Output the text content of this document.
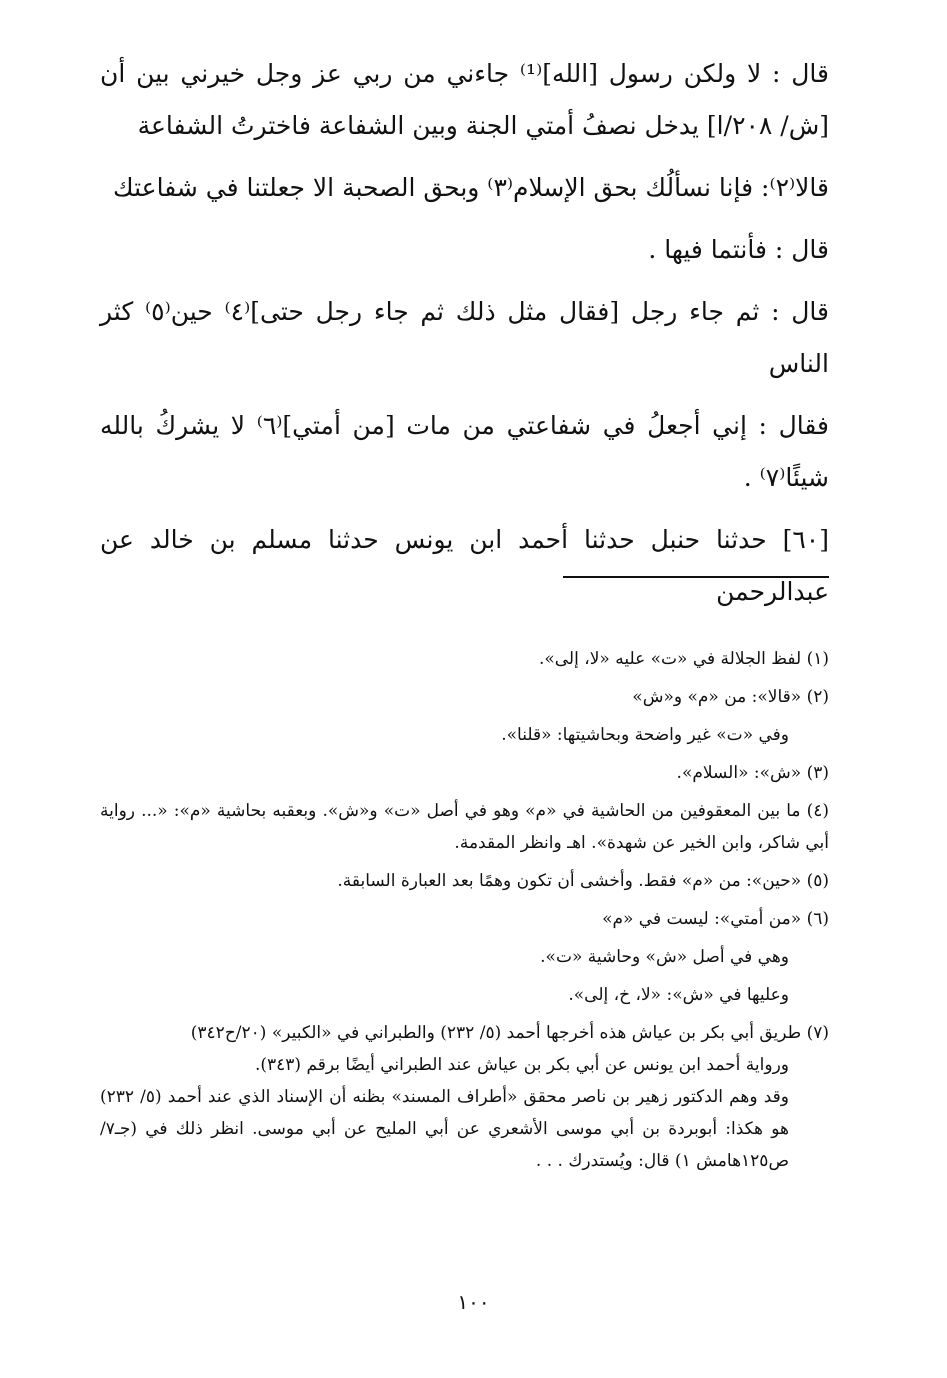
قال : لا ولكن رسول [الله]⁽¹⁾ جاءني من ربي عز وجل خيرني بين أن [ش/ ٢٠٨/ا] يدخل نصفُ أمتي الجنة وبين الشفاعة فاخترتُ الشفاعة

قالا⁽٢⁾: فإنا نسألُك بحق الإسلام⁽٣⁾ وبحق الصحبة الا جعلتنا في شفاعتك

قال : فأنتما فيها .

قال : ثم جاء رجل [فقال مثل ذلك ثم جاء رجل حتى]⁽٤⁾ حين⁽٥⁾ كثر الناس

فقال : إني أجعلُ في شفاعتي من مات [من أمتي]⁽٦⁾ لا يشركُ بالله شيئًا⁽٧⁾ .

[٦٠] حدثنا حنبل حدثنا أحمد ابن يونس حدثنا مسلم بن خالد عن عبدالرحمن

(١) لفظ الجلالة في «ت» عليه «لا، إلى».

(٢) «قالا»: من «م» و«ش»

وفي «ت» غير واضحة وبحاشيتها: «قلنا».

(٣) «ش»: «السلام».

(٤) ما بين المعقوفين من الحاشية في «م» وهو في أصل «ت» و«ش». وبعقبه بحاشية «م»: «... رواية أبي شاكر، وابن الخير عن شهدة». اهـ وانظر المقدمة.

(٥) «حين»: من «م» فقط. وأخشى أن تكون وهمًا بعد العبارة السابقة.

(٦) «من أمتي»: ليست في «م»

وهي في أصل «ش» وحاشية «ت».

وعليها في «ش»: «لا، خ، إلى».

(٧) طريق أبي بكر بن عياش هذه أخرجها أحمد (٥/ ٢٣٢) والطبراني في «الكبير» (٢٠/ح٣٤٢)

ورواية أحمد ابن يونس عن أبي بكر بن عياش عند الطبراني أيضًا برقم (٣٤٣).

وقد وهم الدكتور زهير بن ناصر محقق «أطراف المسند» بظنه أن الإسناد الذي عند أحمد (٥/ ٢٣٢) هو هكذا: أبوبردة بن أبي موسى الأشعري عن أبي المليح عن أبي موسى. انظر ذلك في (جـ٧/ ص١٢٥هامش ١) قال: ويُستدرك . . .

١٠٠
